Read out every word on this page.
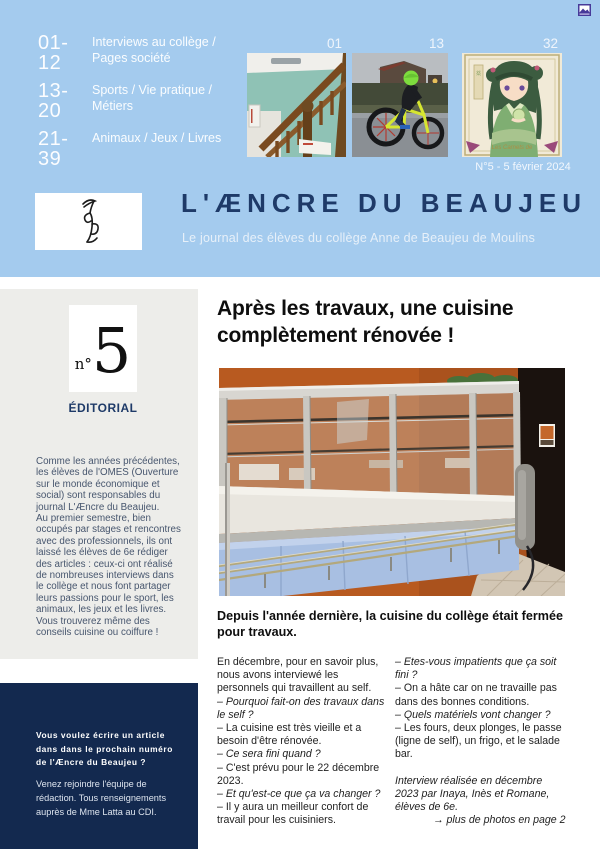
01-12
Interviews au collège / Pages société
13-20
Sports / Vie pratique / Métiers
21-39
Animaux / Jeux / Livres
01	13	32
薬
Les Carnets de
N°5 - 5 février 2024
L'ÆNCRE DU BEAUJEU
Le journal des élèves du collège Anne de Beaujeu de Moulins
n° 5
ÉDITORIAL

Comme les années précédentes, les élèves de l'OMES (Ouverture sur le monde économique et social) sont responsables du journal L'Æncre du Beaujeu.

Au premier semestre, bien occupés par stages et rencontres avec des professionnels, ils ont laissé les élèves de 6e rédiger des articles : ceux-ci ont réalisé de nombreuses interviews dans le collège et nous font partager leurs passions pour le sport, les animaux, les jeux et les livres. Vous trouverez même des conseils cuisine ou coiffure !

Vous voulez écrire un article dans dans le prochain numéro de l'Æncre du Beaujeu ?
Venez rejoindre l'équipe de rédaction. Tous renseignements auprès de Mme Latta au CDI.
Après les travaux, une cuisine complètement rénovée !
Depuis l'année dernière, la cuisine du collège était fermée pour travaux.

En décembre, pour en savoir plus, nous avons interviewé les personnels qui travaillent au self.

– Pourquoi fait-on des travaux dans le self ?

– La cuisine est très vieille et a besoin d'être rénovée.

– Ce sera fini quand ?

– C'est prévu pour le 22 décembre 2023.

– Et qu'est-ce que ça va changer ?

– Il y aura un meilleur confort de travail pour les cuisiniers.

– Etes-vous impatients que ça soit fini ?

– On a hâte car on ne travaille pas dans des bonnes conditions.

– Quels matériels vont changer ?

– Les fours, deux plonges, le passe (ligne de self), un frigo, et le salade bar.

Interview réalisée en décembre 2023 par Inaya, Inès et Romane, élèves de 6e.

→ plus de photos en page 2
